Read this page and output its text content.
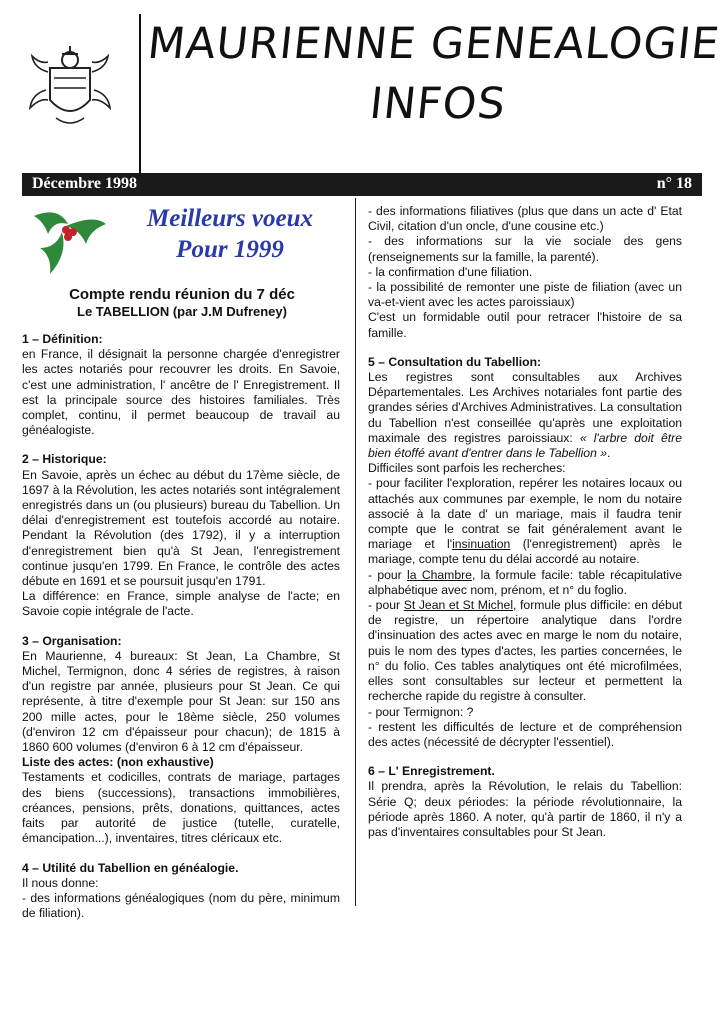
MAURIENNE GENEALOGIE
INFOS
Décembre 1998	n° 18
Meilleurs voeux
Pour 1999
Compte rendu réunion du 7 déc
Le TABELLION (par J.M Dufreney)
1 – Définition:

en France, il désignait la personne chargée d'enregistrer les actes notariés pour recouvrer les droits. En Savoie, c'est une administration, l' ancêtre de l' Enregistrement. Il est la principale source des histoires familiales. Très complet, continu, il permet beaucoup de travail au généalogiste.

2 – Historique:

En Savoie, après un échec au début du 17ème siècle, de 1697 à la Révolution, les actes notariés sont intégralement enregistrés dans un (ou plusieurs) bureau du Tabellion. Un délai d'enregistrement est toutefois accordé au notaire. Pendant la Révolution (des 1792), il y a interruption d'enregistrement bien qu'à St Jean, l'enregistrement continue jusqu'en 1799. En France, le contrôle des actes débute en 1691 et se poursuit jusqu'en 1791.

La différence: en France, simple analyse de l'acte; en Savoie copie intégrale de l'acte.

3 – Organisation:

En Maurienne, 4 bureaux: St Jean, La Chambre, St Michel, Termignon, donc 4 séries de registres, à raison d'un registre par année, plusieurs pour St Jean. Ce qui représente, à titre d'exemple pour St Jean: sur 150 ans 200 mille actes, pour le 18ème siècle, 250 volumes (d'environ 12 cm d'épaisseur pour chacun); de 1815 à 1860 600 volumes (d'environ 6 à 12 cm d'épaisseur.

Liste des actes: (non exhaustive)

Testaments et codicilles, contrats de mariage, partages des biens (successions), transactions immobilières, créances, pensions, prêts, donations, quittances, actes faits par autorité de justice (tutelle, curatelle, émancipation...), inventaires, titres cléricaux etc.

4 – Utilité du Tabellion en généalogie.

Il nous donne:

- des informations généalogiques (nom du père, minimum de filiation).

- des informations filiatives (plus que dans un acte d' Etat Civil, citation d'un oncle, d'une cousine etc.)

- des informations sur la vie sociale des gens (renseignements sur la famille, la parenté).

- la confirmation d'une filiation.

- la possibilité de remonter une piste de filiation (avec un va-et-vient avec les actes paroissiaux)

C'est un formidable outil pour retracer l'histoire de sa famille.

5 – Consultation du Tabellion:

Les registres sont consultables aux Archives Départementales. Les Archives notariales font partie des grandes séries d'Archives Administratives. La consultation du Tabellion n'est conseillée qu'après une exploitation maximale des registres paroissiaux: « l'arbre doit être bien étoffé avant d'entrer dans le Tabellion ».

Difficiles sont parfois les recherches:

- pour faciliter l'exploration, repérer les notaires locaux ou attachés aux communes par exemple, le nom du notaire associé à la date d' un mariage, mais il faudra tenir compte que le contrat se fait généralement avant le mariage et l'insinuation (l'enregistrement) après le mariage, compte tenu du délai accordé au notaire.

- pour la Chambre, la formule facile: table récapitulative alphabétique avec nom, prénom, et n° du foglio.

- pour St Jean et St Michel, formule plus difficile: en début de registre, un répertoire analytique dans l'ordre d'insinuation des actes avec en marge le nom du notaire, puis le nom des types d'actes, les parties concernées, le n° du folio. Ces tables analytiques ont été microfilmées, elles sont consultables sur lecteur et permettent la recherche rapide du registre à consulter.

- pour Termignon: ?

- restent les difficultés de lecture et de compréhension des actes (nécessité de décrypter l'essentiel).

6 – L' Enregistrement.

Il prendra, après la Révolution, le relais du Tabellion: Série Q; deux périodes: la période révolutionnaire, la période après 1860. A noter, qu'à partir de 1860, il n'y a pas d'inventaires consultables pour St Jean.
